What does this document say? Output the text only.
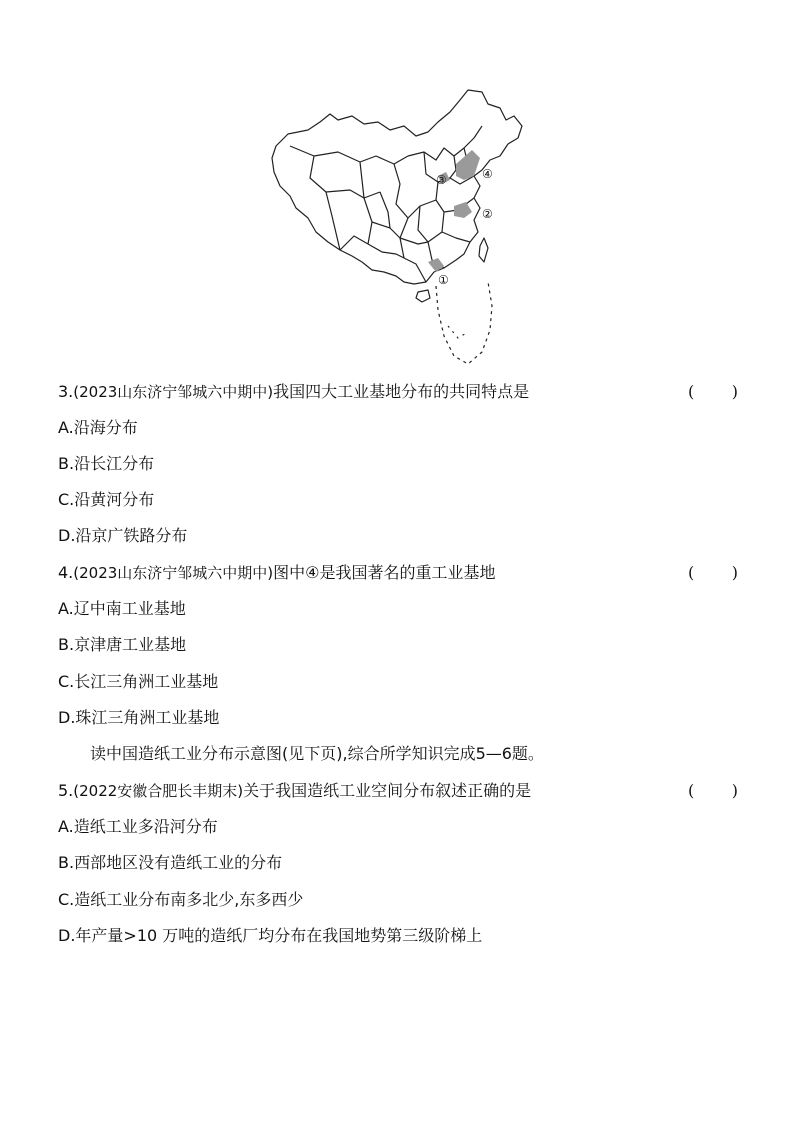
①
②
③	④
3.(2023山东济宁邹城六中期中)我国四大工业基地分布的共同特点是	( )
A.沿海分布
B.沿长江分布
C.沿黄河分布
D.沿京广铁路分布
4.(2023山东济宁邹城六中期中)图中④是我国著名的重工业基地	( )
A.辽中南工业基地
B.京津唐工业基地
C.长江三角洲工业基地
D.珠江三角洲工业基地
读中国造纸工业分布示意图(见下页),综合所学知识完成5—6题。
5.(2022安徽合肥长丰期末)关于我国造纸工业空间分布叙述正确的是	( )
A.造纸工业多沿河分布
B.西部地区没有造纸工业的分布
C.造纸工业分布南多北少,东多西少
D.年产量>10 万吨的造纸厂均分布在我国地势第三级阶梯上
